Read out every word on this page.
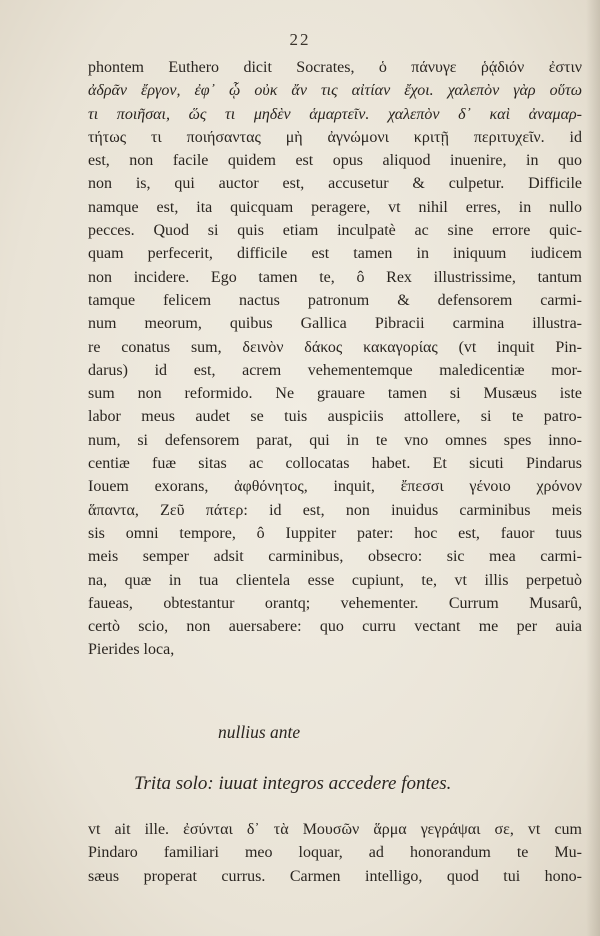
22
phontem Euthero dicit Socrates, ὁ πάνυγε ῥᾴδιόν ἐστιν
ἀδρᾶν ἔργον, ἐφ᾽ ᾧ οὐκ ἄν τις αἰτίαν ἔχοι. χαλεπὸν γὰρ οὕτω
τι ποιῆσαι, ὥς τι μηδὲν ἁμαρτεῖν. χαλεπὸν δ᾽ καὶ ἀναμαρ-
τήτως τι ποιήσαντας μὴ ἀγνώμονι κριτῇ περιτυχεῖν. id
est, non facile quidem est opus aliquod inuenire, in quo
non is, qui auctor est, accusetur & culpetur. Difficile
namque est, ita quicquam peragere, vt nihil erres, in nullo
pecces. Quod si quis etiam inculpatè ac sine errore quic-
quam perfecerit, difficile est tamen in iniquum iudicem
non incidere. Ego tamen te, ô Rex illustrissime, tantum
tamque felicem nactus patronum & defensorem carmi-
num meorum, quibus Gallica Pibracii carmina illustra-
re conatus sum, δεινὸν δάκος κακαγορίας (vt inquit Pin-
darus) id est, acrem vehementemque maledicentiæ mor-
sum non reformido. Ne grauare tamen si Musæus iste
labor meus audet se tuis auspiciis attollere, si te patro-
num, si defensorem parat, qui in te vno omnes spes inno-
centiæ fuæ sitas ac collocatas habet. Et sicuti Pindarus
Iouem exorans, ἀφθόνητος, inquit, ἔπεσσι γένοιο χρόνον
ἅπαντα, Ζεῦ πάτερ: id est, non inuidus carminibus meis
sis omni tempore, ô Iuppiter pater: hoc est, fauor tuus
meis semper adsit carminibus, obsecro: sic mea carmi-
na, quæ in tua clientela esse cupiunt, te, vt illis perpetuò
faueas, obtestantur orantq; vehementer. Currum Musarû,
certò scio, non auersabere: quo curru vectant me per auia
Pierides loca,
nullius ante
Trita solo: iuuat integros accedere fontes.
vt ait ille. ἐσύνται δ᾽ τὰ Μουσῶν ἅρμα γεγράψαι σε, vt cum
Pindaro familiari meo loquar, ad honorandum te Mu-
sæus properat currus. Carmen intelligo, quod tui hono-
